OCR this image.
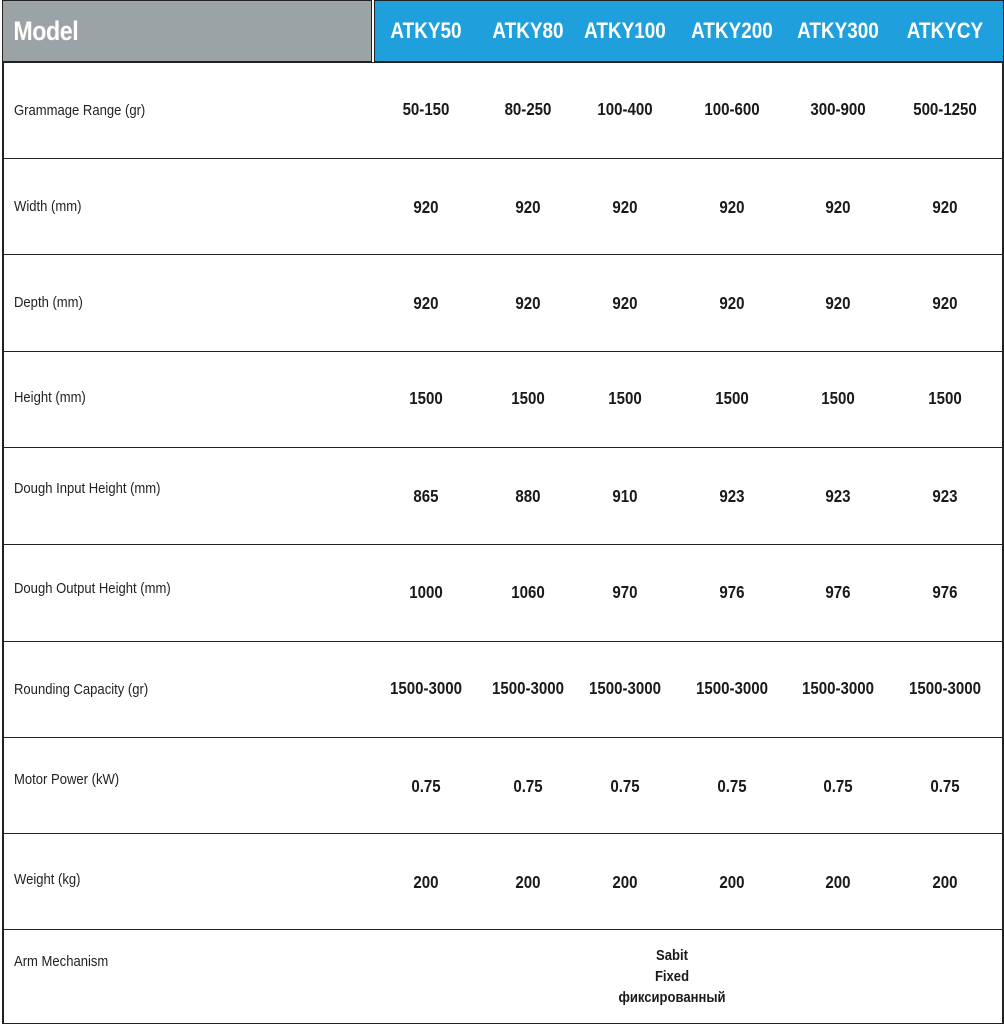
Model	ATKY50	ATKY80 ATKY100 ATKY200 ATKY300	ATKYCY
Grammage Range (gr)	50-150	80-250	100-400	100-600	300-900	500-1250
Width (mm)	920	920	920	920	920	920
Depth (mm)	920	920	920	920	920	920
Height (mm)	1500	1500	1500	1500	1500	1500
Dough Input Height (mm)	865	880	910	923	923	923
Dough Output Height (mm)	1000	1060	970	976	976	976
Rounding Capacity (gr)	1500-3000	1500-3000	1500-3000	1500-3000	1500-3000	1500-3000
Motor Power (kW)	0.75	0.75	0.75	0.75	0.75	0.75
Weight (kg)	200	200	200	200	200	200
Arm Mechanism	Sabit
Fixed
фиксированный
